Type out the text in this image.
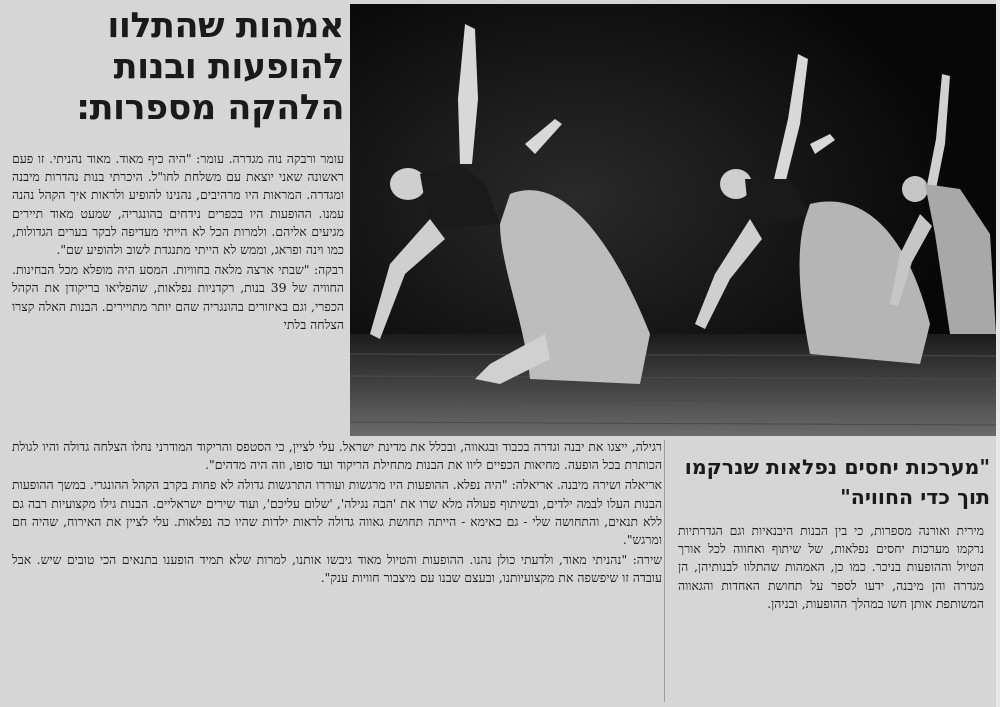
אמהות שהתלוו להופעות ובנות הלהקה מספרות:

עומר ורבקה נוה מגדרה. עומר: "היה כיף מאוד. מאוד נהניתי. זו פעם ראשונה שאני יוצאת עם משלחת לחו"ל. היכרתי בנות נהדרות מיבנה ומגדרה. המראות היו מרהיבים, נהנינו להופיע ולראות איך הקהל נהנה עמנו. ההופעות היו בכפרים נידחים בהונגריה, שמעט מאוד תיירים מגיעים אליהם. ולמרות הכל לא הייתי מעדיפה לבקר בערים הגדולות, כמו וינה ופראג, וממש לא הייתי מתנגדת לשוב ולהופיע שם".

רבקה: "שבתי ארצה מלאה בחוויות. המסע היה מופלא מכל הבחינות. החוויה של 39 בנות, רקדניות נפלאות, שהפליאו בריקודן את הקהל הכפרי, וגם באיזורים בהונגריה שהם יותר מתויירים. הבנות האלה קצרו הצלחה בלתי

רגילה, ייצגו את יבנה וגדרה בכבוד ובגאווה, ובכלל את מדינת ישראל. עלי לציין, כי הסטפס והריקוד המודרני נחלו הצלחה גדולה והיו לגולת הכותרת בכל הופעה. מחיאות הכפיים ליוו את הבנות מתחילת הריקוד ועד סופו, וזה היה מדהים".

אריאלה ושירה מיבנה. אריאלה: "היה נפלא. ההופעות היו מרגשות ועוררו התרגשות גדולה לא פחות בקרב הקהל ההונגרי. במשך ההופעות הבנות העלו לבמה ילדים, ובשיתוף פעולה מלא שרו את 'הבה נגילה', 'שלום עליכם', ועוד שירים ישראליים. הבנות גילו מקצועיות רבה גם ללא תנאים, והתחושה שלי - גם כאימא - הייתה תחושת גאווה גדולה לראות ילדות שהיו כה נפלאות. עלי לציין את האירוח, שהיה חם ומרגש".

שירה: "נהניתי מאוד, ולדעתי כולן נהנו. ההופעות והטיול מאוד גיבשו אותנו, למרות שלא תמיד הופענו בתנאים הכי טובים שיש. אבל עובדה זו שיפשפה את מקצועיותנו, ובעצם שבנו עם מיצבור חוויות ענק".

"מערכות יחסים נפלאות שנרקמו תוך כדי החוויה"

מירית ואורנה מספרות, כי בין הבנות היבנאיות וגם הגדרתיות נרקמו מערכות יחסים נפלאות, של שיתוף ואחווה לכל אורך הטיול וההופעות בניכר. כמו כן, האמהות שהתלוו לבנותיהן, הן מגדרה והן מיבנה, ידעו לספר על תחושת האחדות והגאווה המשותפת אותן חשו במהלך ההופעות, ובניהן.
